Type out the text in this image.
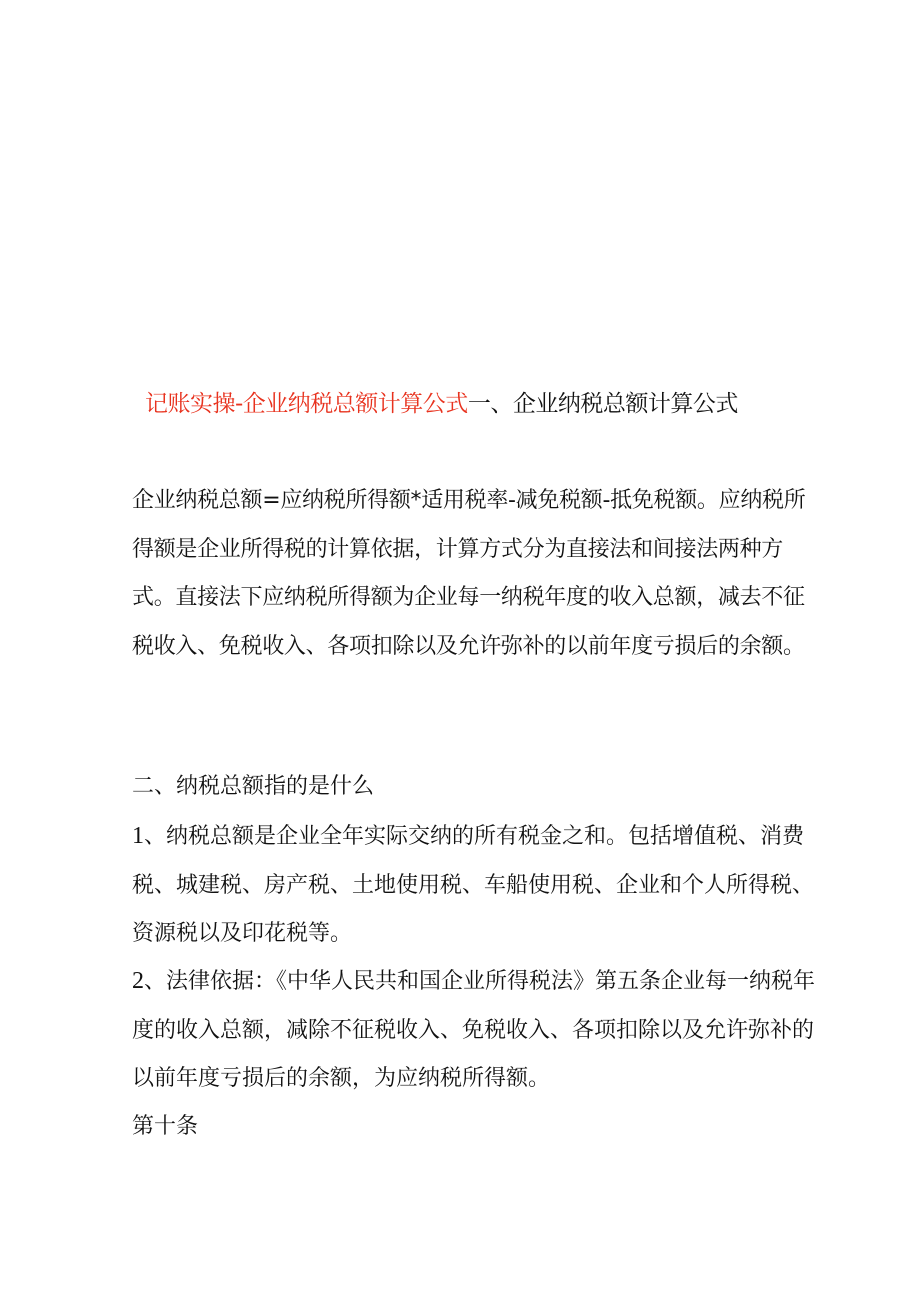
记账实操-企业纳税总额计算公式一、企业纳税总额计算公式

企业纳税总额=应纳税所得额*适用税率-减免税额-抵免税额。应纳税所得额是企业所得税的计算依据，计算方式分为直接法和间接法两种方式。直接法下应纳税所得额为企业每一纳税年度的收入总额，减去不征税收入、免税收入、各项扣除以及允许弥补的以前年度亏损后的余额。

二、纳税总额指的是什么

1、纳税总额是企业全年实际交纳的所有税金之和。包括增值税、消费税、城建税、房产税、土地使用税、车船使用税、企业和个人所得税、资源税以及印花税等。

2、法律依据：《中华人民共和国企业所得税法》第五条企业每一纳税年度的收入总额，减除不征税收入、免税收入、各项扣除以及允许弥补的以前年度亏损后的余额，为应纳税所得额。

第十条
